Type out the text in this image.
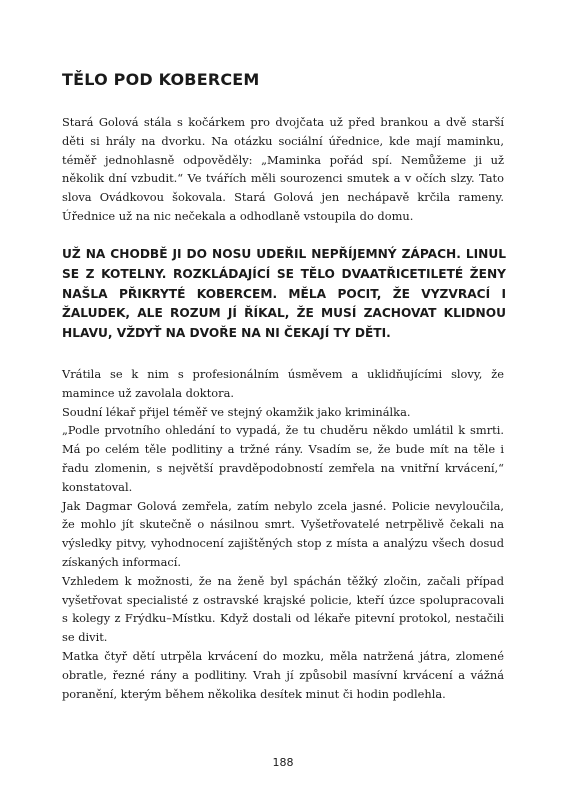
TĚLO POD KOBERCEM

Stará Golová stála s kočárkem pro dvojčata už před brankou a dvě starší děti si hrály na dvorku. Na otázku sociální úřednice, kde mají maminku, téměř jednohlasně odpověděly: „Maminka pořád spí. Nemůžeme ji už několik dní vzbudit.“ Ve tvářích měli sourozenci smutek a v očích slzy. Tato slova Ovádkovou šokovala. Stará Golová jen nechápavě krčila rameny. Úřednice už na nic nečekala a odhodlaně vstoupila do domu.

UŽ NA CHODBĚ JI DO NOSU UDEŘIL NEPŘÍJEMNÝ ZÁPACH. LINUL SE Z KOTELNY. ROZKLÁDAJÍCÍ SE TĚLO DVAATŘICETILETÉ ŽENY NAŠLA PŘIKRYTÉ KOBERCEM. MĚLA POCIT, ŽE VYZVRACÍ I ŽALUDEK, ALE ROZUM JÍ ŘÍKAL, ŽE MUSÍ ZACHOVAT KLIDNOU HLAVU, VŽDYŤ NA DVOŘE NA NI ČEKAJÍ TY DĚTI.

Vrátila se k nim s profesionálním úsměvem a uklidňujícími slovy, že mamince už zavolala doktora.

Soudní lékař přijel téměř ve stejný okamžik jako kriminálka.

„Podle prvotního ohledání to vypadá, že tu chuděru někdo umlátil k smrti. Má po celém těle podlitiny a tržné rány. Vsadím se, že bude mít na těle i řadu zlomenin, s největší pravděpodobností zemřela na vnitřní krvácení,“ konstatoval.

Jak Dagmar Golová zemřela, zatím nebylo zcela jasné. Policie nevyloučila, že mohlo jít skutečně o násilnou smrt. Vyšetřovatelé netrpělivě čekali na výsledky pitvy, vyhodnocení zajištěných stop z místa a analýzu všech dosud získaných informací.

Vzhledem k možnosti, že na ženě byl spáchán těžký zločin, začali případ vyšetřovat specialisté z ostravské krajské policie, kteří úzce spolupracovali s kolegy z Frýdku–Místku. Když dostali od lékaře pitevní protokol, nestačili se divit.

Matka čtyř dětí utrpěla krvácení do mozku, měla natržená játra, zlomené obratle, řezné rány a podlitiny. Vrah jí způsobil masívní krvácení a vážná poranění, kterým během několika desítek minut či hodin podlehla.

188
